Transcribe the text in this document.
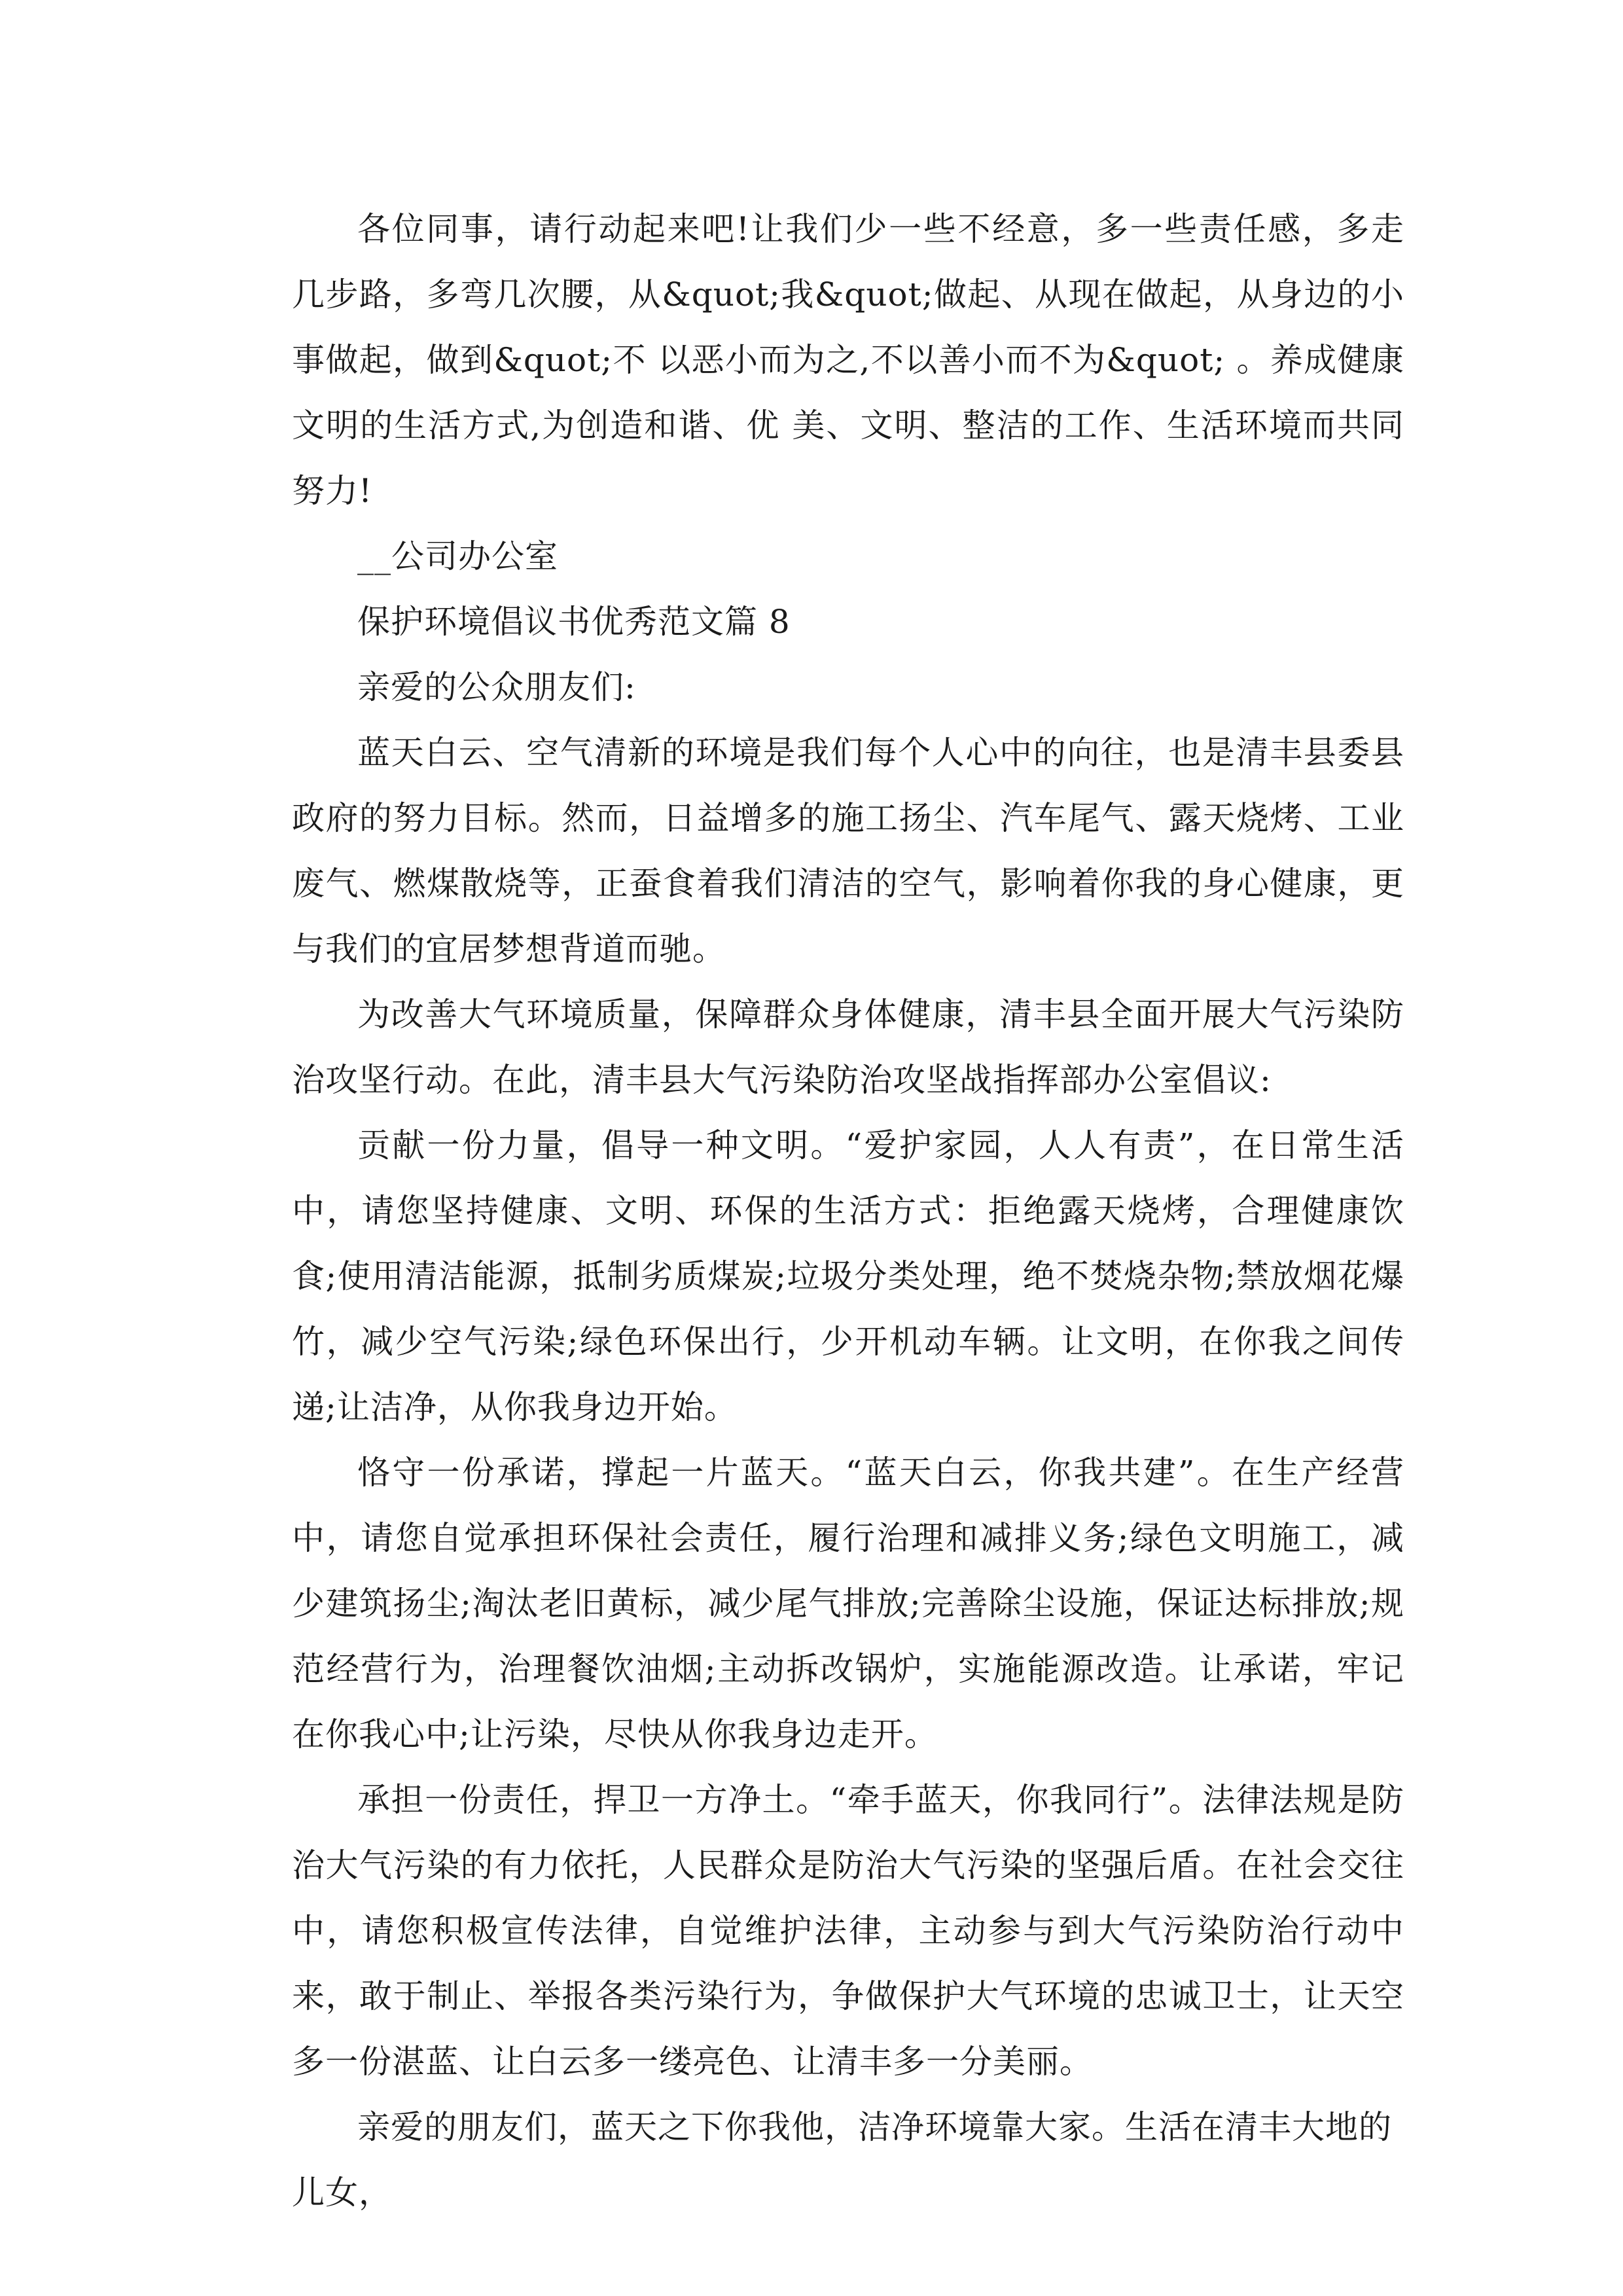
各位同事，请行动起来吧!让我们少一些不经意，多一些责任感，多走几步路，多弯几次腰，从&quot;我&quot;做起、从现在做起，从身边的小事做起，做到&quot;不 以恶小而为之,不以善小而不为&quot; 。养成健康文明的生活方式,为创造和谐、优 美、文明、整洁的工作、生活环境而共同努力!

__公司办公室

保护环境倡议书优秀范文篇 8

亲爱的公众朋友们:

蓝天白云、空气清新的环境是我们每个人心中的向往，也是清丰县委县政府的努力目标。然而，日益增多的施工扬尘、汽车尾气、露天烧烤、工业废气、燃煤散烧等，正蚕食着我们清洁的空气，影响着你我的身心健康，更与我们的宜居梦想背道而驰。

为改善大气环境质量，保障群众身体健康，清丰县全面开展大气污染防治攻坚行动。在此，清丰县大气污染防治攻坚战指挥部办公室倡议:

贡献一份力量，倡导一种文明。“爱护家园，人人有责”，在日常生活中，请您坚持健康、文明、环保的生活方式：拒绝露天烧烤，合理健康饮食;使用清洁能源，抵制劣质煤炭;垃圾分类处理，绝不焚烧杂物;禁放烟花爆竹，减少空气污染;绿色环保出行，少开机动车辆。让文明，在你我之间传递;让洁净，从你我身边开始。

恪守一份承诺，撑起一片蓝天。“蓝天白云，你我共建”。在生产经营中，请您自觉承担环保社会责任，履行治理和减排义务;绿色文明施工，减少建筑扬尘;淘汰老旧黄标，减少尾气排放;完善除尘设施，保证达标排放;规范经营行为，治理餐饮油烟;主动拆改锅炉，实施能源改造。让承诺，牢记在你我心中;让污染，尽快从你我身边走开。

承担一份责任，捍卫一方净土。“牵手蓝天，你我同行”。法律法规是防治大气污染的有力依托，人民群众是防治大气污染的坚强后盾。在社会交往中，请您积极宣传法律，自觉维护法律，主动参与到大气污染防治行动中来，敢于制止、举报各类污染行为，争做保护大气环境的忠诚卫士，让天空多一份湛蓝、让白云多一缕亮色、让清丰多一分美丽。

亲爱的朋友们，蓝天之下你我他，洁净环境靠大家。生活在清丰大地的儿女，
